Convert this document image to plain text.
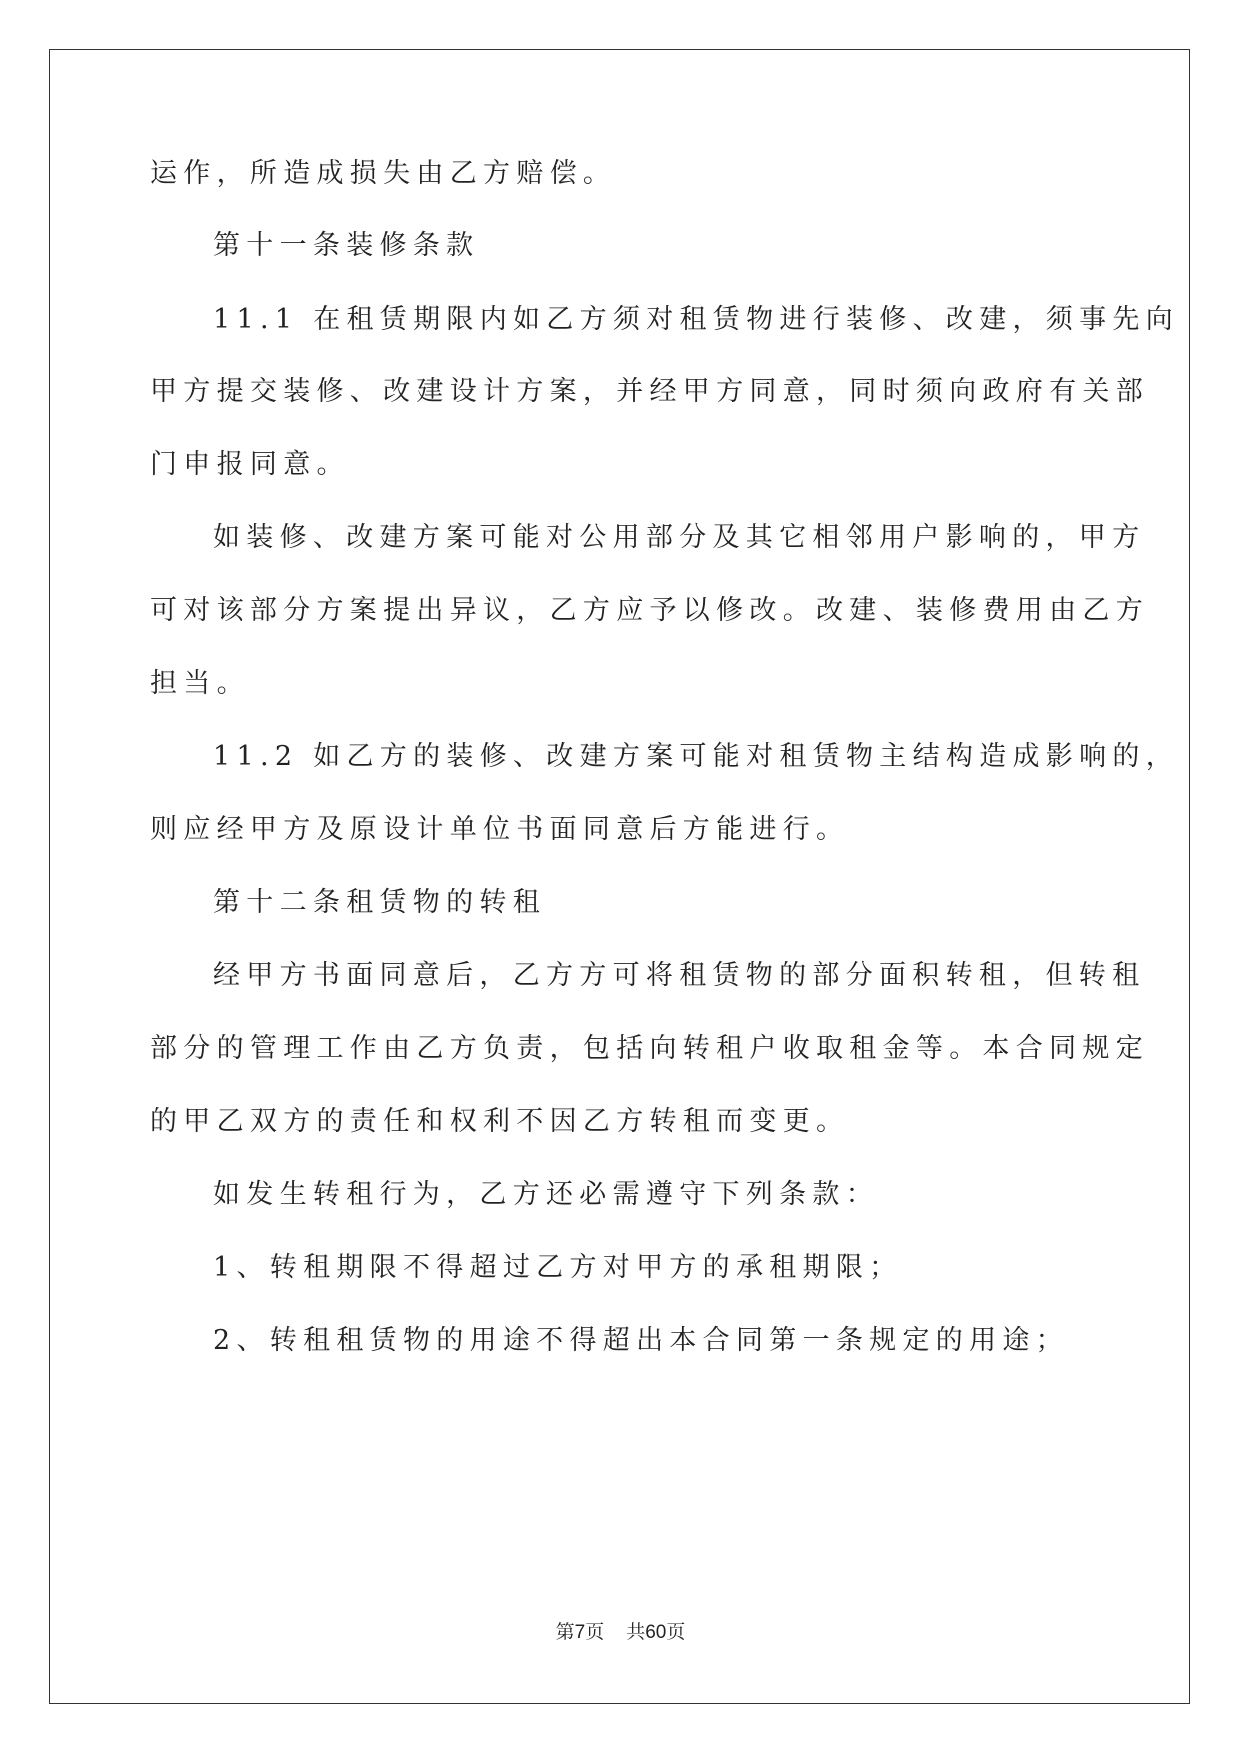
运作，所造成损失由乙方赔偿。
第十一条装修条款
11.1 在租赁期限内如乙方须对租赁物进行装修、改建，须事先向
甲方提交装修、改建设计方案，并经甲方同意，同时须向政府有关部
门申报同意。
如装修、改建方案可能对公用部分及其它相邻用户影响的，甲方
可对该部分方案提出异议，乙方应予以修改。改建、装修费用由乙方
担当。
11.2 如乙方的装修、改建方案可能对租赁物主结构造成影响的，
则应经甲方及原设计单位书面同意后方能进行。
第十二条租赁物的转租
经甲方书面同意后，乙方方可将租赁物的部分面积转租，但转租
部分的管理工作由乙方负责，包括向转租户收取租金等。本合同规定
的甲乙双方的责任和权利不因乙方转租而变更。
如发生转租行为，乙方还必需遵守下列条款：
1、转租期限不得超过乙方对甲方的承租期限；
2、转租租赁物的用途不得超出本合同第一条规定的用途；
第7页 共60页
